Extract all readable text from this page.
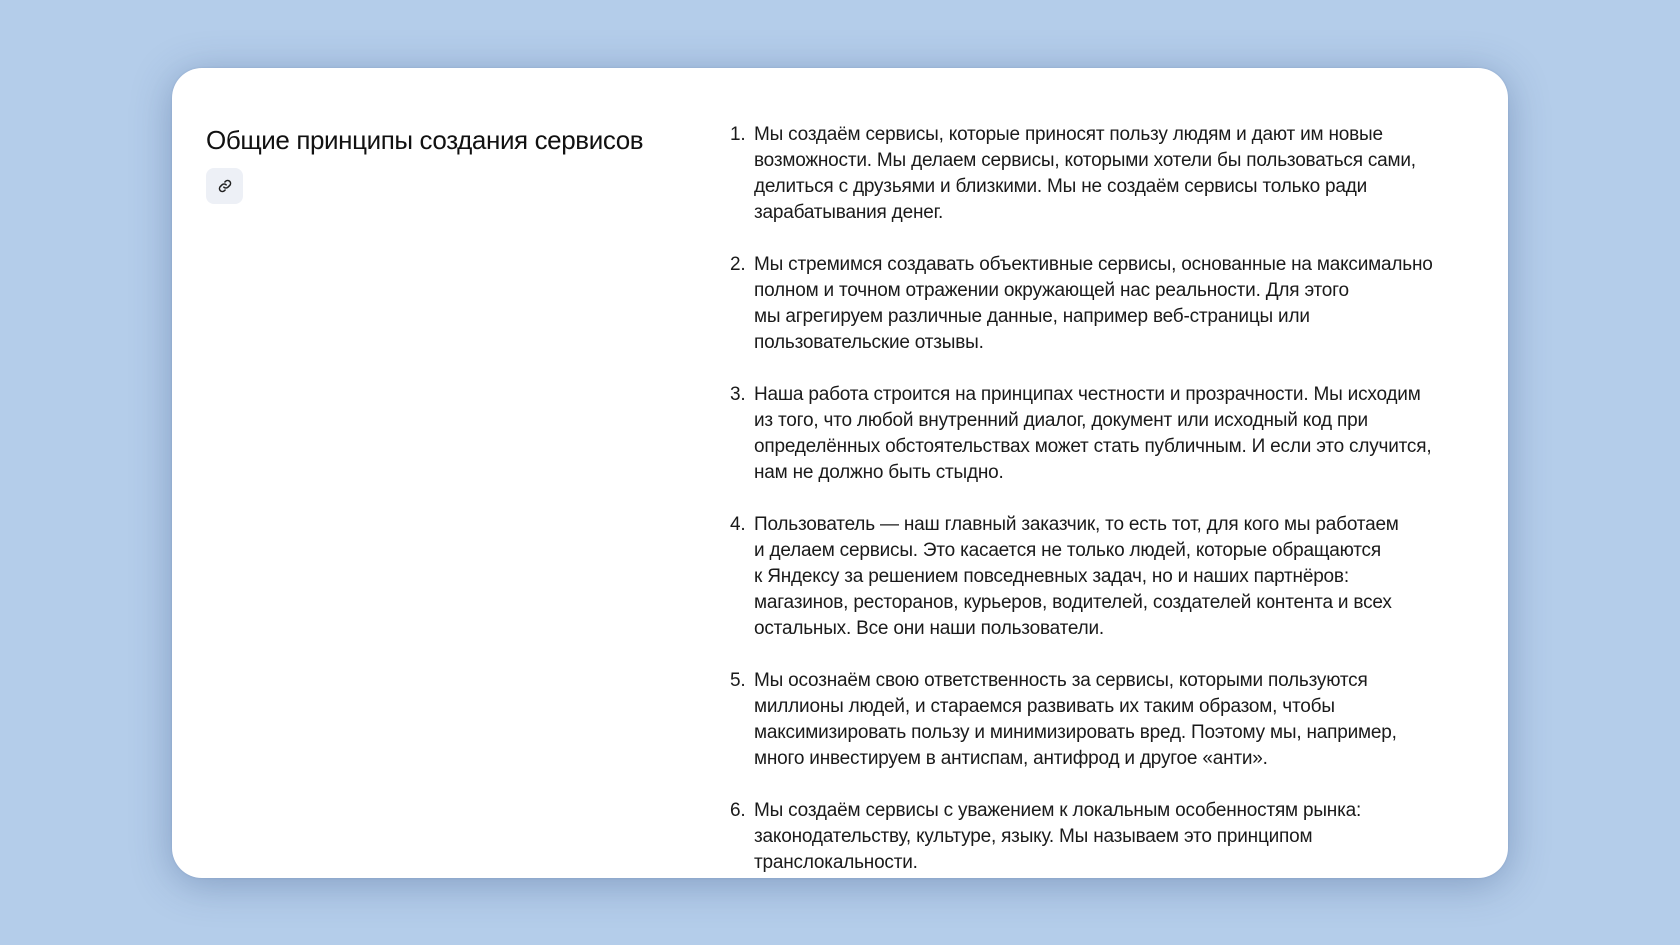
Общие принципы создания сервисов	1. Мы создаём сервисы, которые приносят пользу людям и дают им новые
возможности. Мы делаем сервисы, которыми хотели бы пользоваться сами,
делиться с друзьями и близкими. Мы не создаём сервисы только ради
зарабатывания денег.
2. Мы стремимся создавать объективные сервисы, основанные на максимально
полном и точном отражении окружающей нас реальности. Для этого
мы агрегируем различные данные, например веб-страницы или
пользовательские отзывы.
3. Наша работа строится на принципах честности и прозрачности. Мы исходим
из того, что любой внутренний диалог, документ или исходный код при
определённых обстоятельствах может стать публичным. И если это случится,
нам не должно быть стыдно.
4. Пользователь — наш главный заказчик, то есть тот, для кого мы работаем
и делаем сервисы. Это касается не только людей, которые обращаются
к Яндексу за решением повседневных задач, но и наших партнёров:
магазинов, ресторанов, курьеров, водителей, создателей контента и всех
остальных. Все они наши пользователи.
5. Мы осознаём свою ответственность за сервисы, которыми пользуются
миллионы людей, и стараемся развивать их таким образом, чтобы
максимизировать пользу и минимизировать вред. Поэтому мы, например,
много инвестируем в антиспам, антифрод и другое «анти».
6. Мы создаём сервисы с уважением к локальным особенностям рынка:
законодательству, культуре, языку. Мы называем это принципом
транслокальности.
